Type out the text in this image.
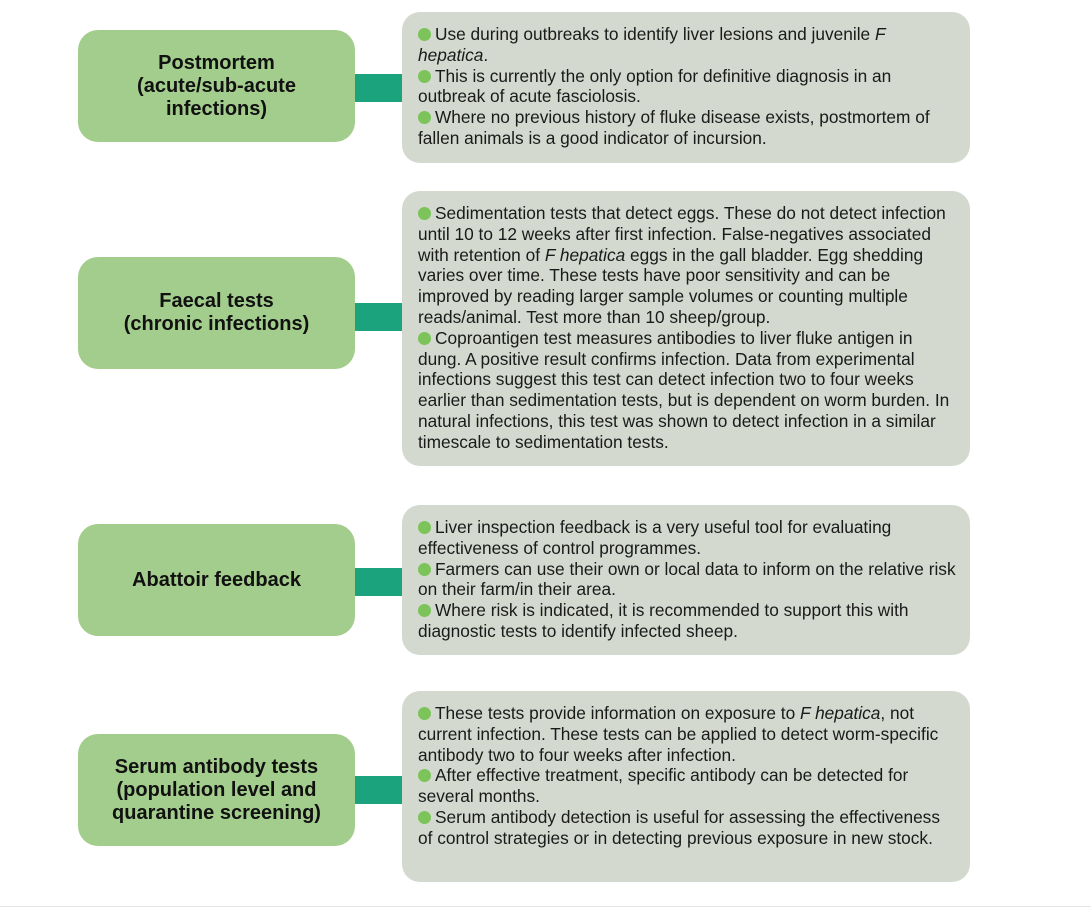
Postmortem
(acute/sub-acute
infections)

Use during outbreaks to identify liver lesions and juvenile F hepatica.

This is currently the only option for definitive diagnosis in an outbreak of acute fasciolosis.

Where no previous history of fluke disease exists, postmortem of fallen animals is a good indicator of incursion.

Faecal tests
(chronic infections)

Sedimentation tests that detect eggs. These do not detect infection until 10 to 12 weeks after first infection. False-negatives associated with retention of F hepatica eggs in the gall bladder. Egg shedding varies over time. These tests have poor sensitivity and can be improved by reading larger sample volumes or counting multiple reads/animal. Test more than 10 sheep/group.

Coproantigen test measures antibodies to liver fluke antigen in dung. A positive result confirms infection. Data from experimental infections suggest this test can detect infection two to four weeks earlier than sedimentation tests, but is dependent on worm burden. In natural infections, this test was shown to detect infection in a similar timescale to sedimentation tests.

Abattoir feedback

Liver inspection feedback is a very useful tool for evaluating effectiveness of control programmes.

Farmers can use their own or local data to inform on the relative risk on their farm/in their area.

Where risk is indicated, it is recommended to support this with diagnostic tests to identify infected sheep.

Serum antibody tests
(population level and
quarantine screening)

These tests provide information on exposure to F hepatica, not current infection. These tests can be applied to detect worm-specific antibody two to four weeks after infection.

After effective treatment, specific antibody can be detected for several months.

Serum antibody detection is useful for assessing the effectiveness of control strategies or in detecting previous exposure in new stock.
